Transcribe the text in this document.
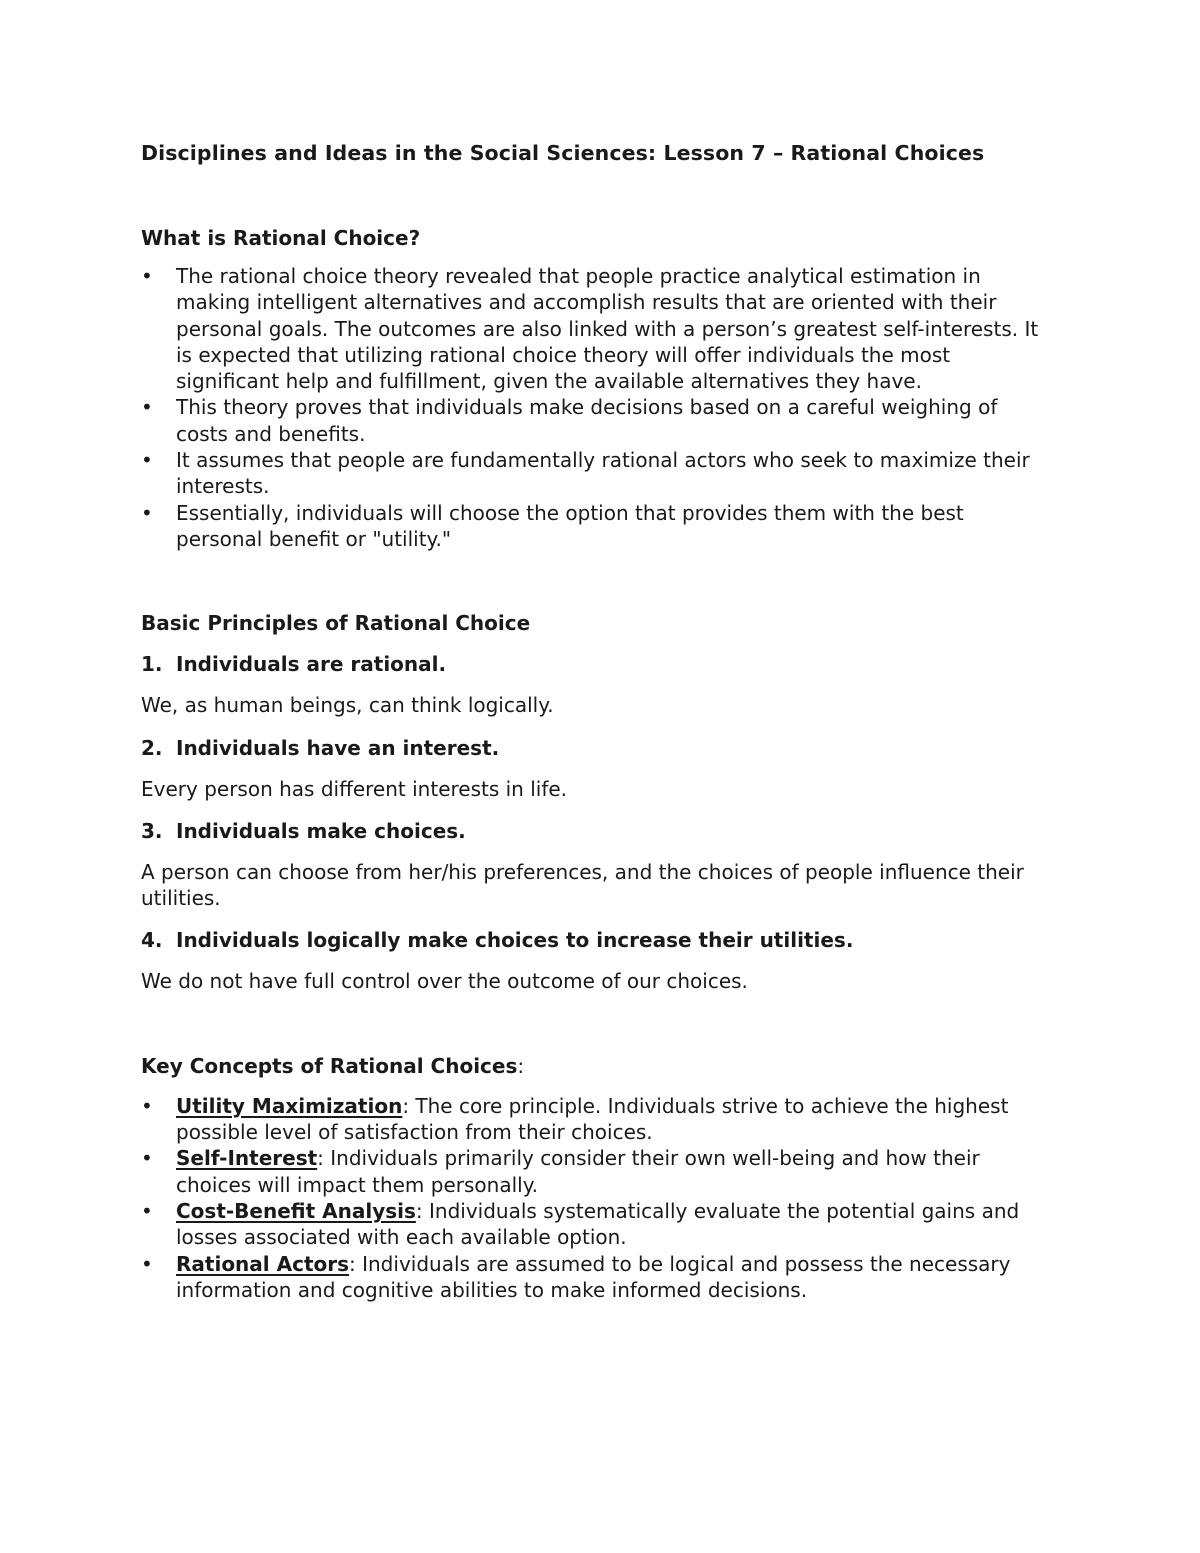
Disciplines and Ideas in the Social Sciences: Lesson 7 – Rational Choices
What is Rational Choice?
• The rational choice theory revealed that people practice analytical estimation in making intelligent alternatives and accomplish results that are oriented with their personal goals. The outcomes are also linked with a person’s greatest self-interests. It is expected that utilizing rational choice theory will offer individuals the most significant help and fulfillment, given the available alternatives they have.
• This theory proves that individuals make decisions based on a careful weighing of costs and benefits.
• It assumes that people are fundamentally rational actors who seek to maximize their interests.
• Essentially, individuals will choose the option that provides them with the best personal benefit or "utility."
Basic Principles of Rational Choice
1. Individuals are rational.

We, as human beings, can think logically.

2. Individuals have an interest.

Every person has different interests in life.

3. Individuals make choices.

A person can choose from her/his preferences, and the choices of people influence their utilities.

4. Individuals logically make choices to increase their utilities.

We do not have full control over the outcome of our choices.

Key Concepts of Rational Choices:
• Utility Maximization: The core principle. Individuals strive to achieve the highest possible level of satisfaction from their choices.
• Self-Interest: Individuals primarily consider their own well-being and how their choices will impact them personally.
• Cost-Benefit Analysis: Individuals systematically evaluate the potential gains and losses associated with each available option.
• Rational Actors: Individuals are assumed to be logical and possess the necessary information and cognitive abilities to make informed decisions.
